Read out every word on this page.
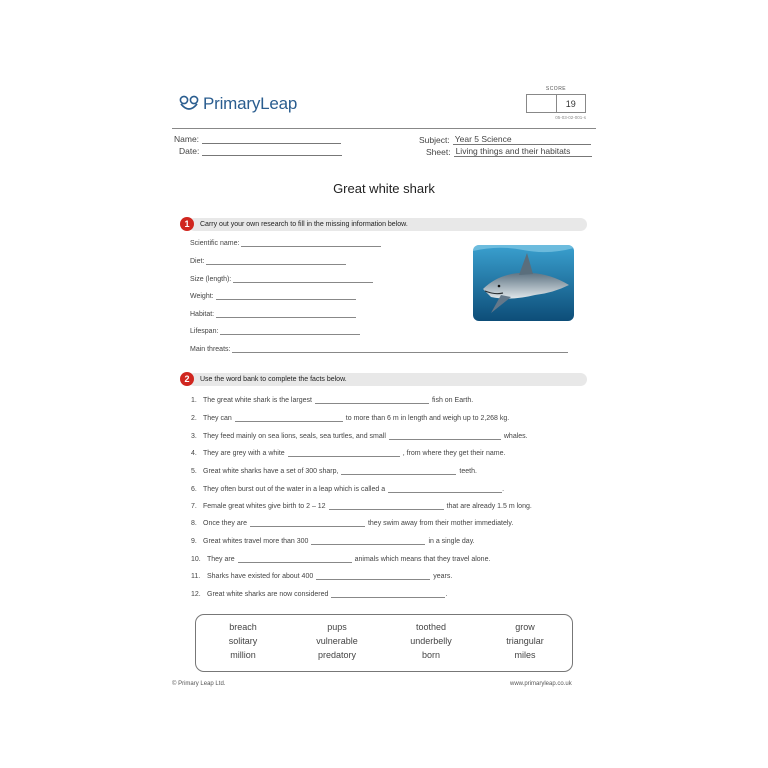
PrimaryLeap
SCORE
19
05-03-02-001-s
Name:
Date:
Subject: Year 5 Science
Sheet: Living things and their habitats
Great white shark
Carry out your own research to fill in the missing information below.
1
Scientific name:
Diet:
Size (length):
Weight:
Habitat:
Lifespan:
Main threats:
Use the word bank to complete the facts below.
2
1. The great white shark is the largest	fish on Earth.
2. They can	to more than 6 m in length and weigh up to 2,268 kg.
3. They feed mainly on sea lions, seals, sea turtles, and small	whales.
4. They are grey with a white	, from where they get their name.
5. Great white sharks have a set of 300 sharp,	teeth.
6. They often burst out of the water in a leap which is called a	.
7. Female great whites give birth to 2 – 12	that are already 1.5 m long.
8. Once they are	they swim away from their mother immediately.
9. Great whites travel more than 300	in a single day.
10. They are	animals which means that they travel alone.
11. Sharks have existed for about 400	years.
12. Great white sharks are now considered	.
breach	pups	toothed	grow
solitary	vulnerable	underbelly	triangular
million	predatory	born	miles
© Primary Leap Ltd.	www.primaryleap.co.uk
